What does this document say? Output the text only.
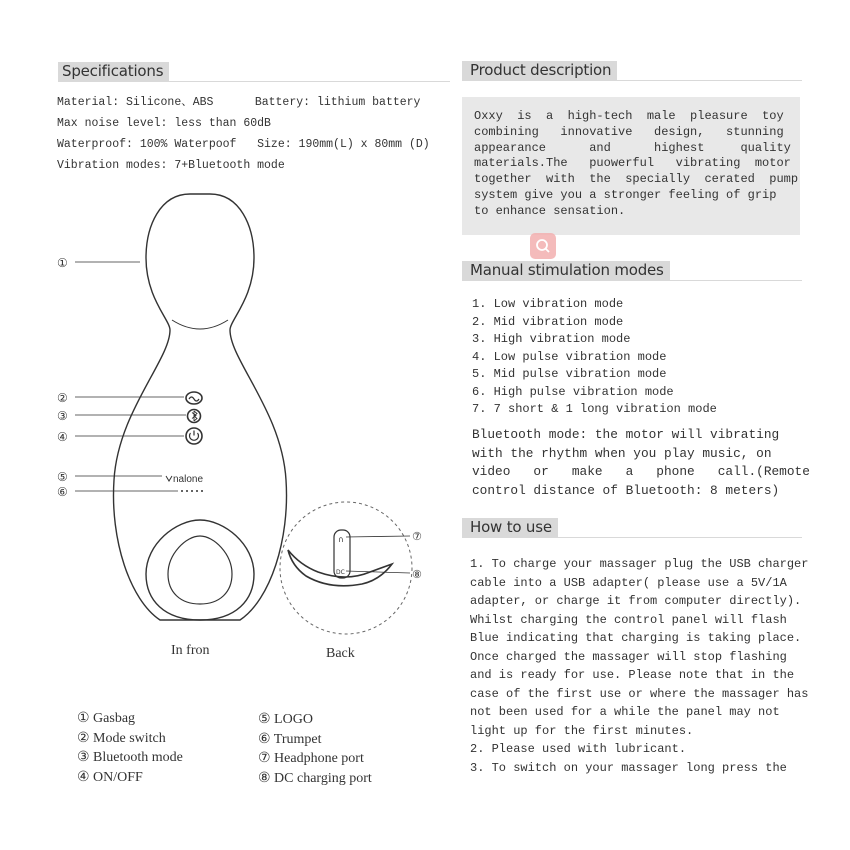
Specifications
Material: Silicone、ABS      Battery: lithium battery
Max noise level: less than 60dB
Waterproof: 100% Waterpoof   Size: 190mm(L) x 80mm (D)
Vibration modes: 7+Bluetooth mode
nalone
①
②
③
④
⑤
⑥
∩
DC
⑦
⑧
In fron	Back
① Gasbag
② Mode switch
③ Bluetooth mode
④ ON/OFF
⑤ LOGO
⑥ Trumpet
⑦ Headphone port
⑧ DC charging port
Product description
Oxxy  is  a  high-tech  male  pleasure  toy
combining   innovative   design,   stunning
appearance      and      highest     quality
materials.The   puowerful   vibrating  motor
together  with  the  specially  cerated  pump
system give you a stronger feeling of grip
to enhance sensation.
Manual stimulation modes
1. Low vibration mode
2. Mid vibration mode
3. High vibration mode
4. Low pulse vibration mode
5. Mid pulse vibration mode
6. High pulse vibration mode
7. 7 short & 1 long vibration mode
Bluetooth mode: the motor will vibrating
with the rhythm when you play music, on
video   or   make   a   phone   call.(Remote
control distance of Bluetooth: 8 meters)
How to use
1. To charge your massager plug the USB charger
cable into a USB adapter( please use a 5V/1A
adapter, or charge it from computer directly).
Whilst charging the control panel will flash
Blue indicating that charging is taking place.
Once charged the massager will stop flashing
and is ready for use. Please note that in the
case of the first use or where the massager has
not been used for a while the panel may not
light up for the first minutes.
2. Please used with lubricant.
3. To switch on your massager long press the
